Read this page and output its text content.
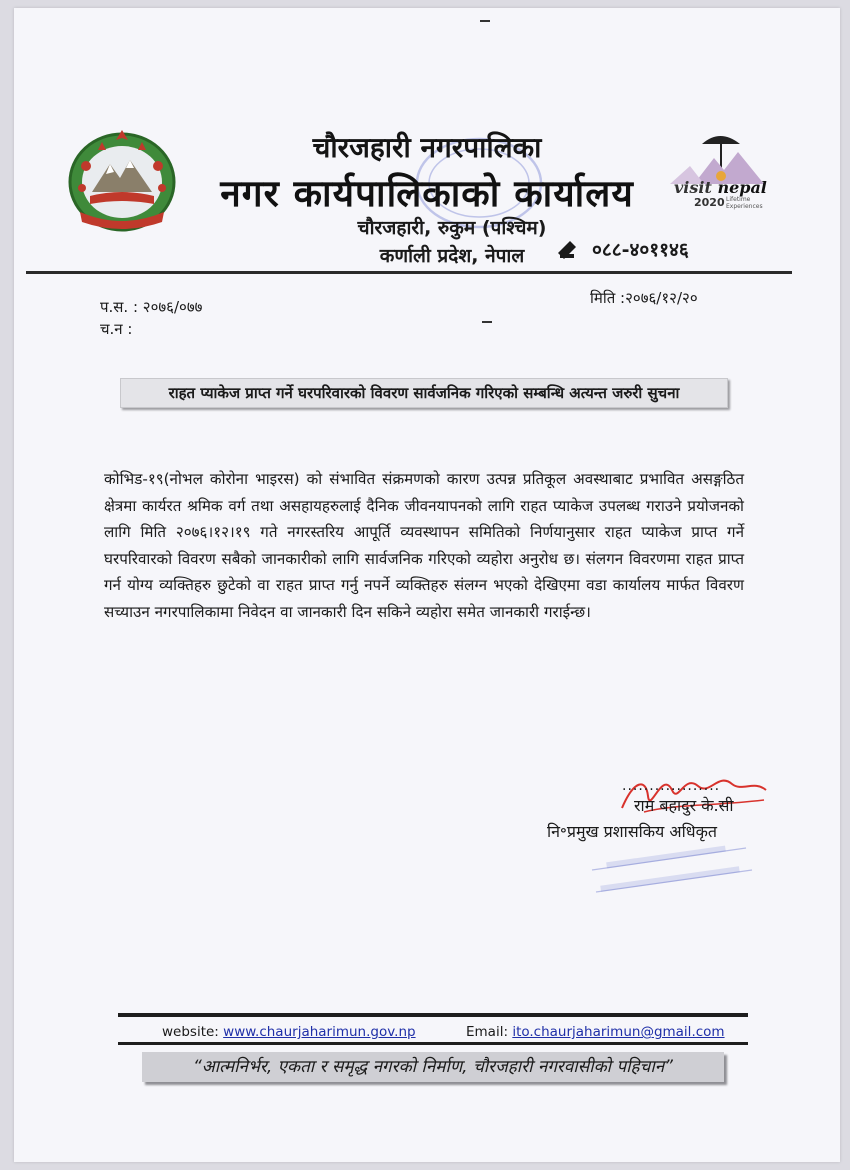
visit nepal
2020 Lifetime
Experiences
चौरजहारी नगरपालिका
नगर कार्यपालिकाको कार्यालय
चौरजहारी, रुकुम (पश्चिम)
कर्णाली प्रदेश, नेपाल	०८८-४०११४६
प.स. : २०७६/०७७
च.न :
मिति :२०७६/१२/२०
राहत प्याकेज प्राप्त गर्ने घरपरिवारको विवरण सार्वजनिक गरिएको सम्बन्धि अत्यन्त जरुरी सुचना
कोभिड-१९(नोभल कोरोना भाइरस) को संभावित संक्रमणको कारण उत्पन्न प्रतिकूल अवस्थाबाट प्रभावित असङ्गठित क्षेत्रमा कार्यरत श्रमिक वर्ग तथा असहायहरुलाई दैनिक जीवनयापनको लागि राहत प्याकेज उपलब्ध गराउने प्रयोजनको लागि मिति २०७६।१२।१९ गते नगरस्तरिय आपूर्ति व्यवस्थापन समितिको निर्णयानुसार राहत प्याकेज प्राप्त गर्ने घरपरिवारको विवरण सबैको जानकारीको लागि सार्वजनिक गरिएको व्यहोरा अनुरोध छ। संलगन विवरणमा राहत प्राप्त गर्न योग्य व्यक्तिहरु छुटेको वा राहत प्राप्त गर्नु नपर्ने व्यक्तिहरु संलग्न भएको देखिएमा वडा कार्यालय मार्फत विवरण सच्याउन नगरपालिकामा निवेदन वा जानकारी दिन सकिने व्यहोरा समेत जानकारी गराईन्छ।
..................
राम बहादुर के.सी
नि॰प्रमुख प्रशासकिय अधिकृत
website: www.chaurjaharimun.gov.np	Email: ito.chaurjaharimun@gmail.com
“आत्मनिर्भर, एकता र समृद्ध नगरको निर्माण, चौरजहारी नगरवासीको पहिचान”
